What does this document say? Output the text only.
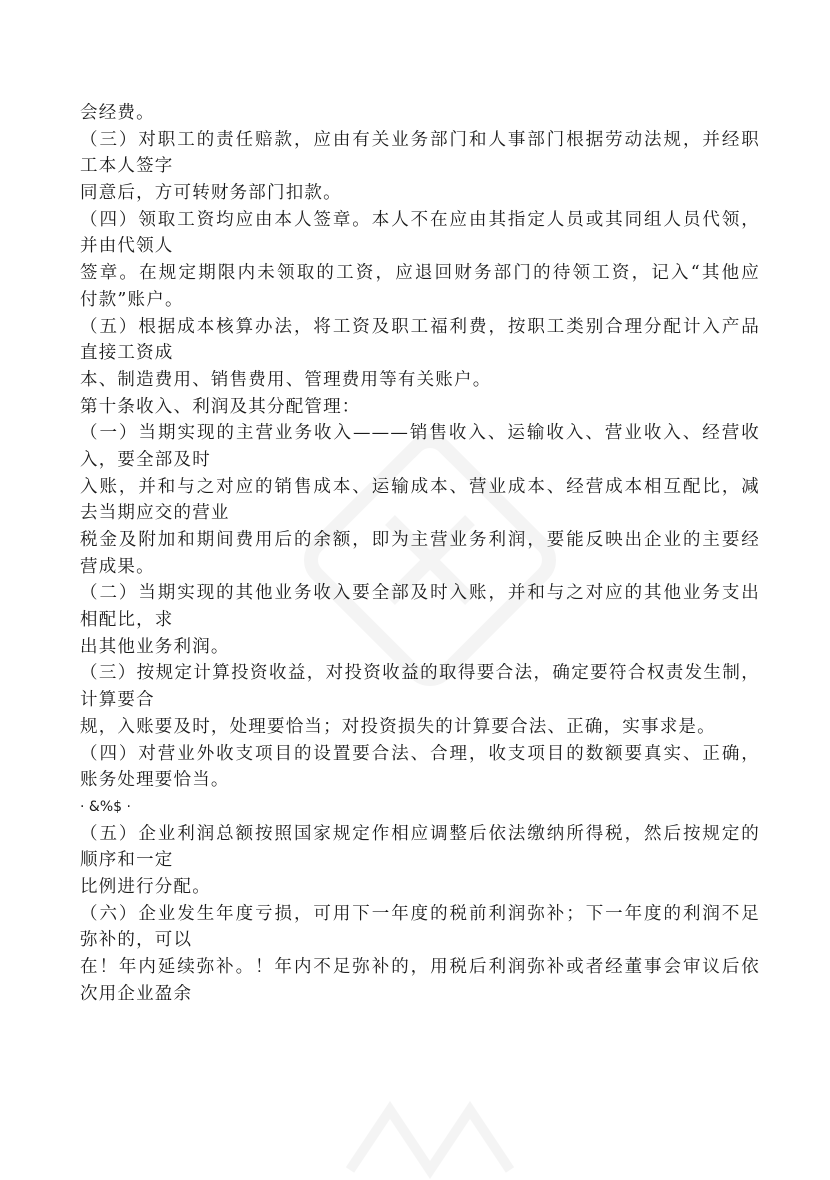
会经费。
（三）对职工的责任赔款，应由有关业务部门和人事部门根据劳动法规，并经职
工本人签字
同意后，方可转财务部门扣款。
（四）领取工资均应由本人签章。本人不在应由其指定人员或其同组人员代领，
并由代领人
签章。在规定期限内未领取的工资，应退回财务部门的待领工资，记入“其他应
付款”账户。
（五）根据成本核算办法，将工资及职工福利费，按职工类别合理分配计入产品
直接工资成
本、制造费用、销售费用、管理费用等有关账户。
第十条收入、利润及其分配管理：
（一）当期实现的主营业务收入———销售收入、运输收入、营业收入、经营收
入，要全部及时
入账，并和与之对应的销售成本、运输成本、营业成本、经营成本相互配比，减
去当期应交的营业
税金及附加和期间费用后的余额，即为主营业务利润，要能反映出企业的主要经
营成果。
（二）当期实现的其他业务收入要全部及时入账，并和与之对应的其他业务支出
相配比，求
出其他业务利润。
（三）按规定计算投资收益，对投资收益的取得要合法，确定要符合权责发生制，
计算要合
规，入账要及时，处理要恰当；对投资损失的计算要合法、正确，实事求是。
（四）对营业外收支项目的设置要合法、合理，收支项目的数额要真实、正确，
账务处理要恰当。
· &%$ ·
（五）企业利润总额按照国家规定作相应调整后依法缴纳所得税，然后按规定的
顺序和一定
比例进行分配。
（六）企业发生年度亏损，可用下一年度的税前利润弥补；下一年度的利润不足
弥补的，可以
在！年内延续弥补。！年内不足弥补的，用税后利润弥补或者经董事会审议后依
次用企业盈余
